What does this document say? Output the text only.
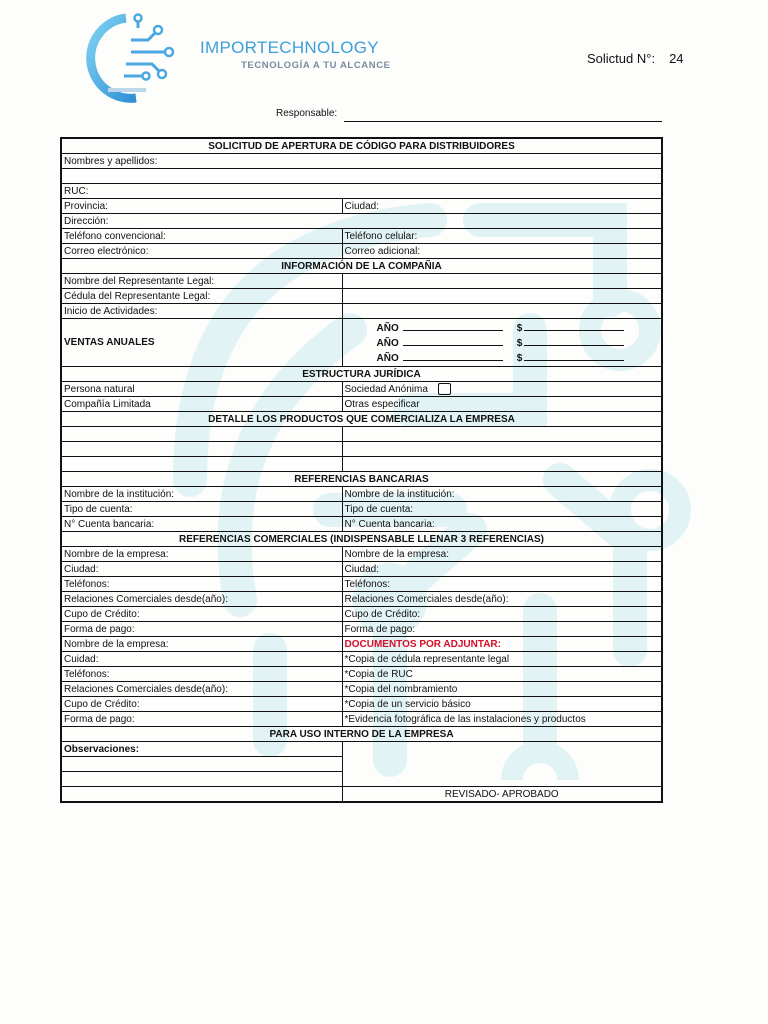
IMPORTECHNOLOGY
TECNOLOGÍA A TU ALCANCE	Solictud N°: 24
Responsable:
SOLICITUD DE APERTURA DE CÓDIGO PARA DISTRIBUIDORES	
Nombres y apellidos:	

RUC:	
Provincia:	Ciudad:
Dirección:	
Teléfono convencional:	Teléfono celular:
Correo electrónico:	Correo adicional:
INFORMACIÓN DE LA COMPAÑIA	
Nombre del Representante Legal:	
Cédula del Representante Legal:	
Inicio de Actividades:	
VENTAS ANUALES	AÑO $
AÑO $
AÑO $

ESTRUCTURA JURÍDICA	
Persona natural	Sociedad Anónima
Compañía Limitada	Otras especificar
DETALLE LOS PRODUCTOS QUE COMERCIALIZA LA EMPRESA	

REFERENCIAS BANCARIAS	
Nombre de la institución:	Nombre de la institución:
Tipo de cuenta:	Tipo de cuenta:
N° Cuenta bancaria:	N° Cuenta bancaria:
REFERENCIAS COMERCIALES (INDISPENSABLE LLENAR 3 REFERENCIAS)	
Nombre de la empresa:	Nombre de la empresa:
Ciudad:	Ciudad:
Teléfonos:	Teléfonos:
Relaciones Comerciales desde(año):	Relaciones Comerciales desde(año):
Cupo de Crédito:	Cupo de Crédito:
Forma de pago:	Forma de pago:
Nombre de la empresa:	DOCUMENTOS POR ADJUNTAR:
Cuidad:	*Copia de cédula representante legal
Teléfonos:	*Copia de RUC
Relaciones Comerciales desde(año):	*Copia del nombramiento
Cupo de Crédito:	*Copia de un servicio básico
Forma de pago:	*Evidencia fotográfica de las instalaciones y productos
PARA USO INTERNO DE LA EMPRESA	
Observaciones:	

	REVISADO- APROBADO
